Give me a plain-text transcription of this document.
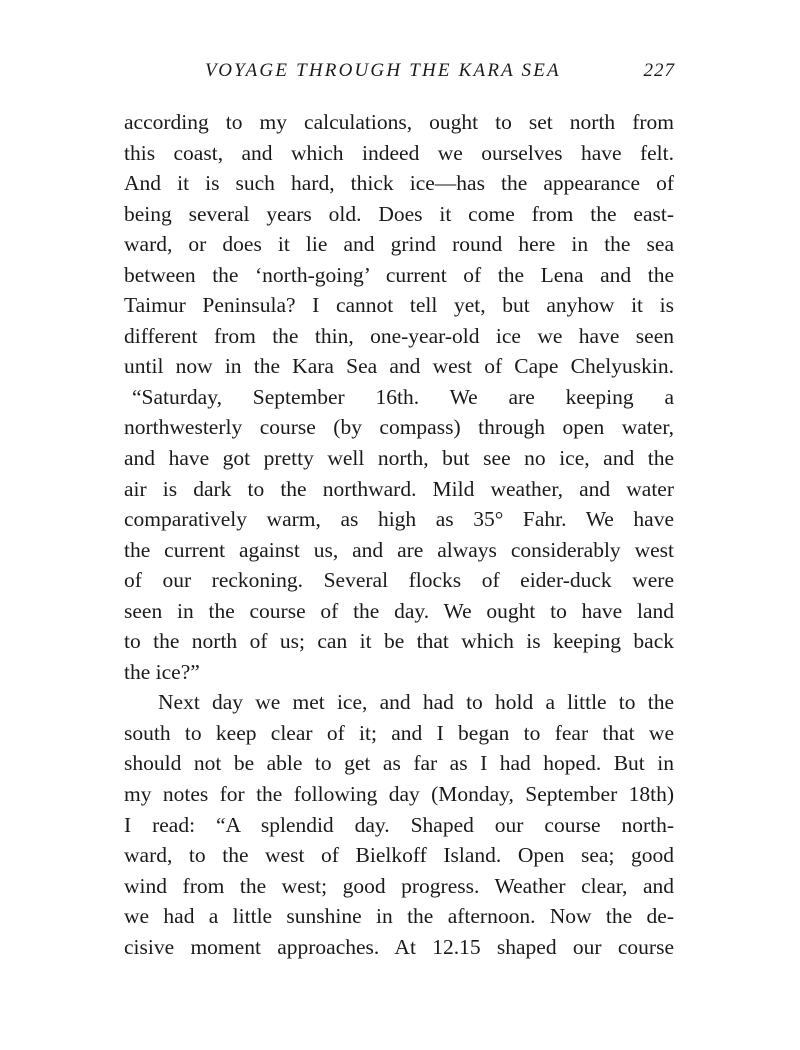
VOYAGE THROUGH THE KARA SEA	227
according to my calculations, ought to set north from
this coast, and which indeed we ourselves have felt.
And it is such hard, thick ice—has the appearance of
being several years old. Does it come from the east-
ward, or does it lie and grind round here in the sea
between the ‘north-going’ current of the Lena and the
Taimur Peninsula? I cannot tell yet, but anyhow it is
different from the thin, one-year-old ice we have seen
until now in the Kara Sea and west of Cape Chelyuskin.
“Saturday, September 16th. We are keeping a
northwesterly course (by compass) through open water,
and have got pretty well north, but see no ice, and the
air is dark to the northward. Mild weather, and water
comparatively warm, as high as 35° Fahr. We have
the current against us, and are always considerably west
of our reckoning. Several flocks of eider-duck were
seen in the course of the day. We ought to have land
to the north of us; can it be that which is keeping back
the ice?”
Next day we met ice, and had to hold a little to the
south to keep clear of it; and I began to fear that we
should not be able to get as far as I had hoped. But in
my notes for the following day (Monday, September 18th)
I read: “A splendid day. Shaped our course north-
ward, to the west of Bielkoff Island. Open sea; good
wind from the west; good progress. Weather clear, and
we had a little sunshine in the afternoon. Now the de-
cisive moment approaches. At 12.15 shaped our course
